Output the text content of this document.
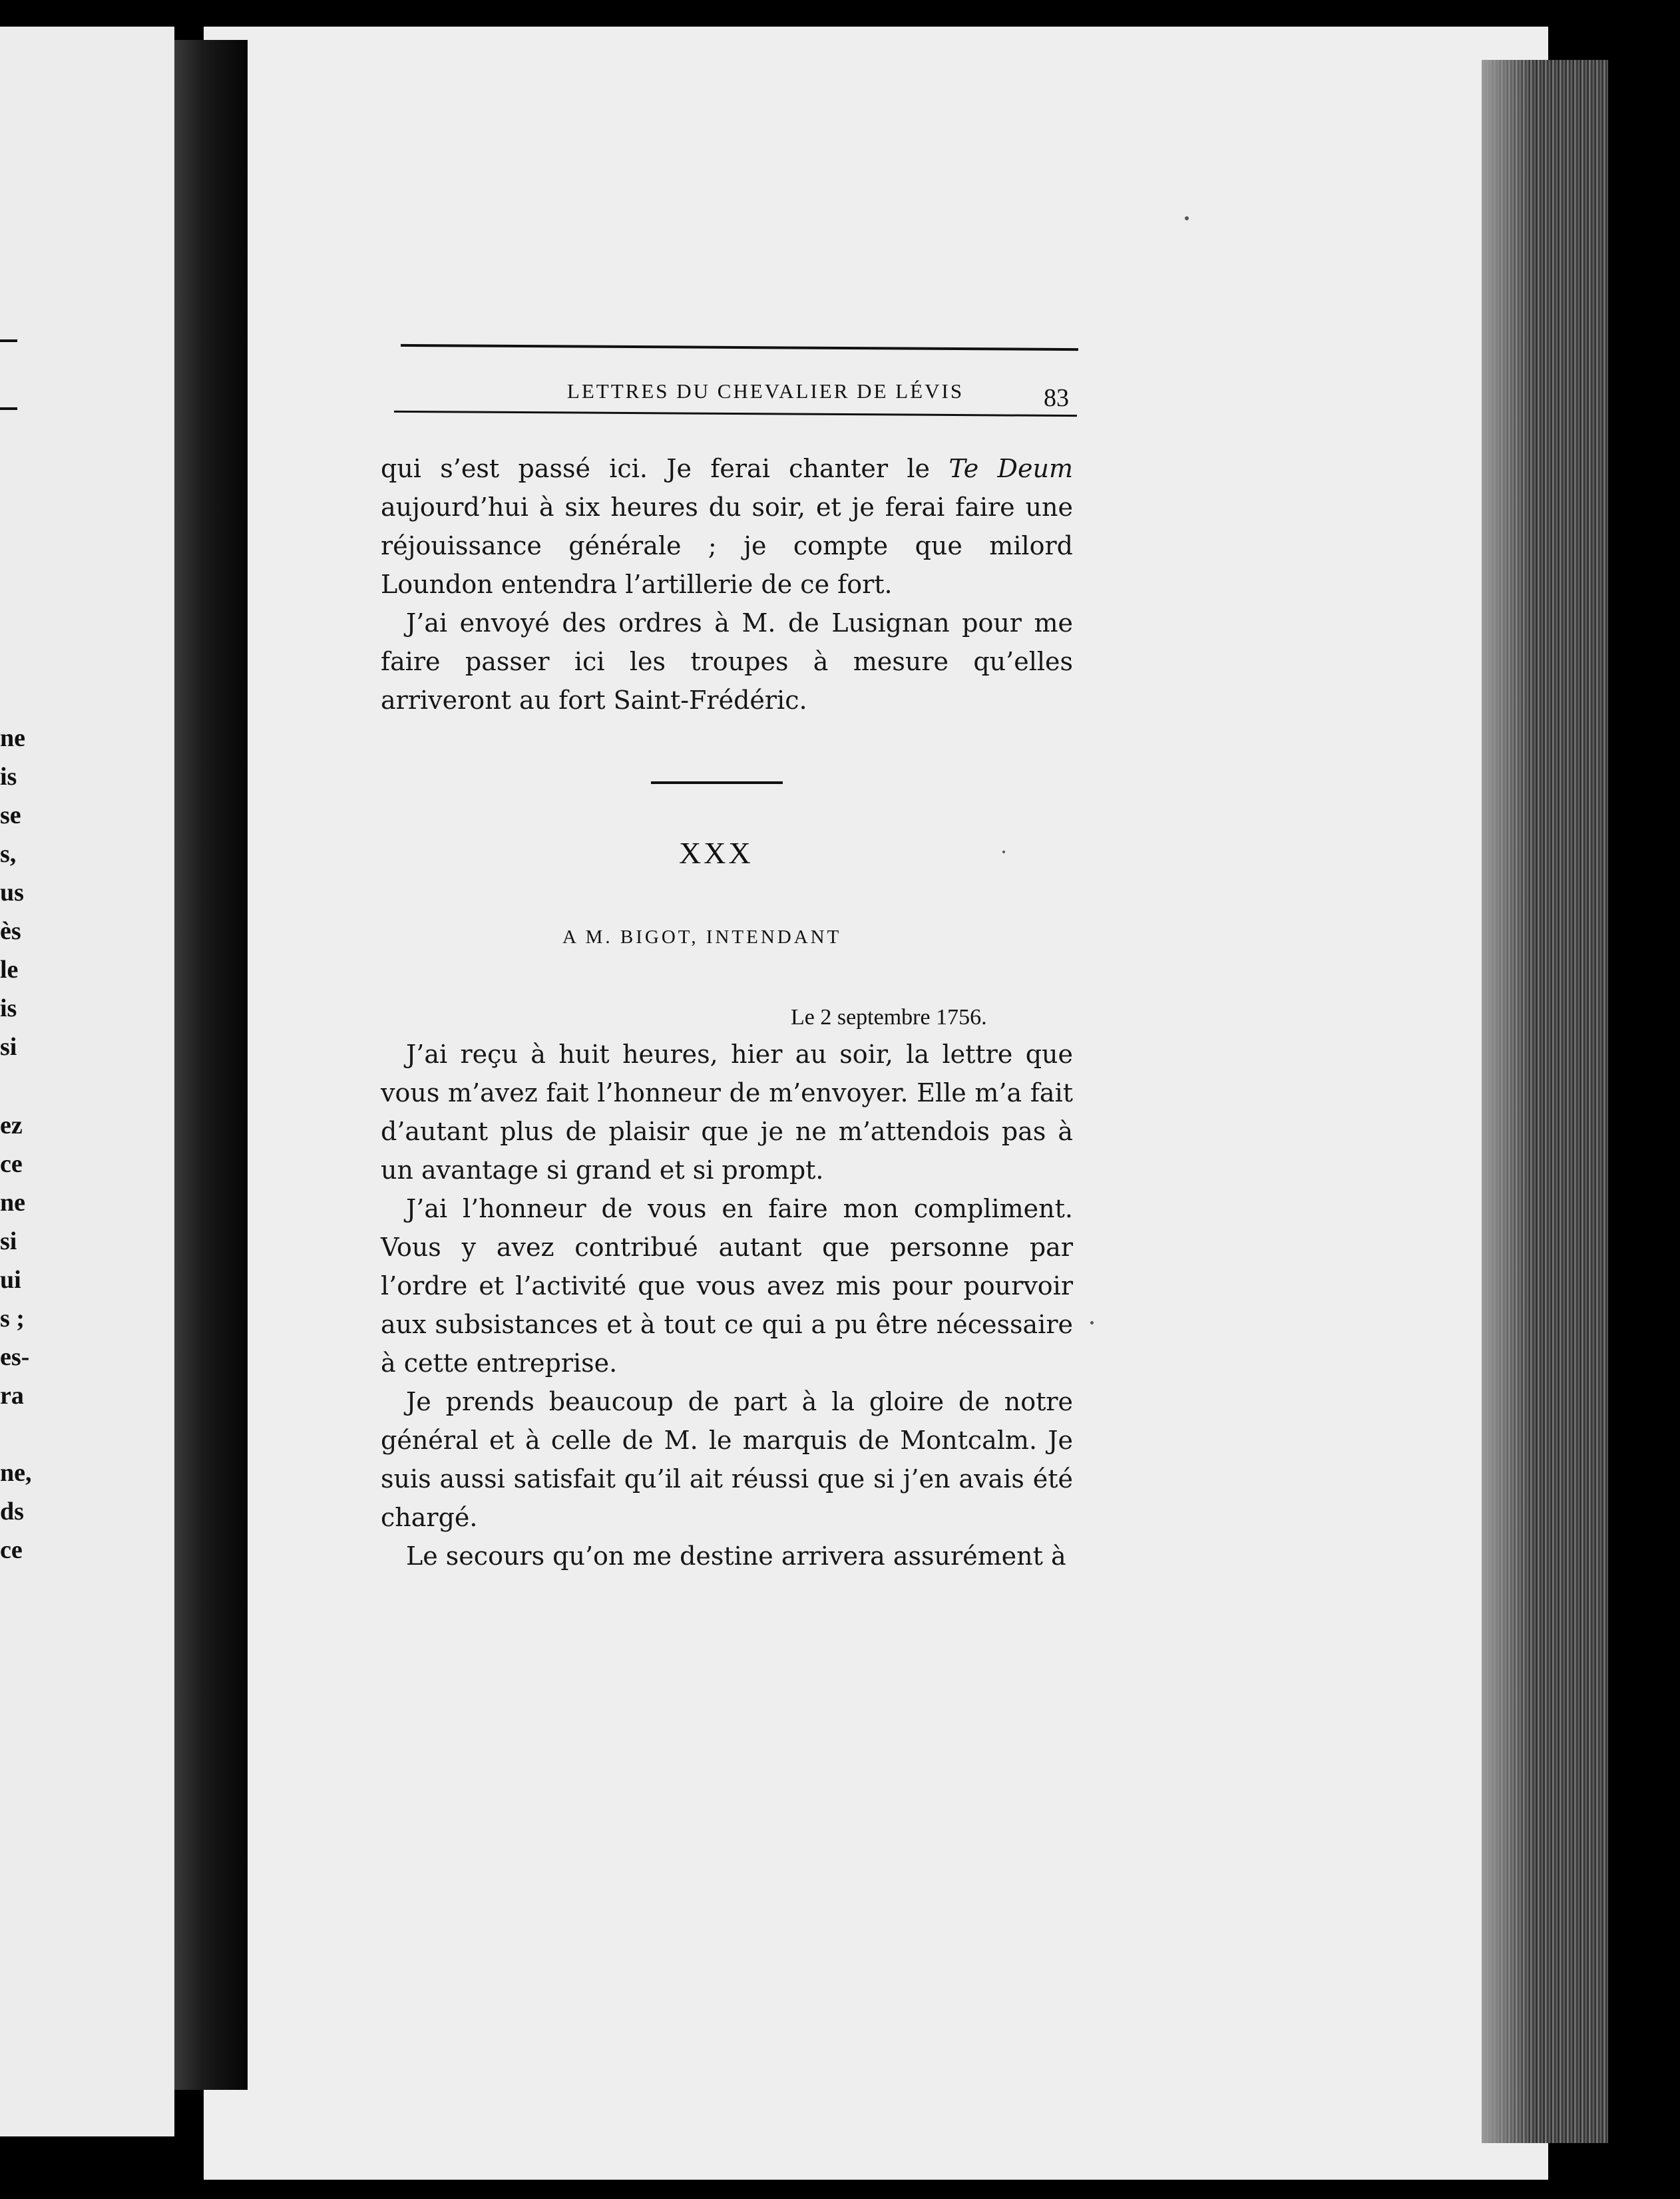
ne
is
se
s,
us
ès
le
is
si
ez
ce
ne
si
ui
s ;
es-
ra
ne,
ds
ce
LETTRES DU CHEVALIER DE LÉVIS	83

qui s’est passé ici. Je ferai chanter le Te Deum aujourd’hui à six heures du soir, et je ferai faire une réjouissance générale ; je compte que milord Loundon entendra l’artillerie de ce fort.

J’ai envoyé des ordres à M. de Lusignan pour me faire passer ici les troupes à mesure qu’elles arriveront au fort Saint-Frédéric.

XXX
A M. BIGOT, INTENDANT
Le 2 septembre 1756.

J’ai reçu à huit heures, hier au soir, la lettre que vous m’avez fait l’honneur de m’envoyer. Elle m’a fait d’autant plus de plaisir que je ne m’attendois pas à un avantage si grand et si prompt.

J’ai l’honneur de vous en faire mon compliment. Vous y avez contribué autant que personne par l’ordre et l’activité que vous avez mis pour pourvoir aux subsistances et à tout ce qui a pu être nécessaire à cette entreprise.

Je prends beaucoup de part à la gloire de notre général et à celle de M. le marquis de Montcalm. Je suis aussi satisfait qu’il ait réussi que si j’en avais été chargé.

Le secours qu’on me destine arrivera assurément à
